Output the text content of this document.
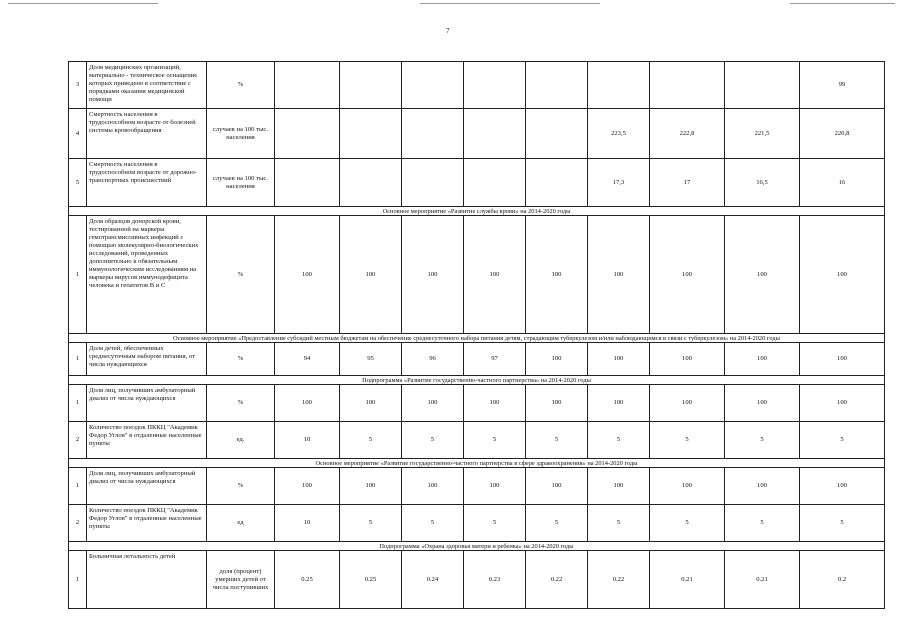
7
3	Доля медицинских организаций, материально - техническое оснащение которых приведено в соответствие с порядками оказания медицинской помощи	%									99
4	Смертность населения в трудоспособном возрасте от болезней системы кровообращения	случаев на 100 тыс. населения						223,5	222,8	221,5	220,8
5	Смертность населения в трудоспособном возрасте от дорожно-транспортных происшествий	случаев на 100 тыс. населения						17,3	17	16,5	16
Основное мероприятие «Развитие службы крови» на 2014-2020 годы											
1	Доля образцов донорской крови, тестированной на маркеры гемотрансмиссивных инфекций с помощью молекулярно-биологических исследований, проведенных дополнительно к обязательным иммунологическим исследованиям на маркеры вирусов иммунодефицита человека и гепатитов В и С	%	100	100	100	100	100	100	100	100	100
Основное мероприятие «Предоставление субсидий местным бюджетам на обеспечение среднесуточного набора питания детям, страдающим туберкулезом и/или наблюдающимся в связи с туберкулезом» на 2014-2020 годы											
1	Доля детей, обеспеченных среднесуточным набором питания, от числа нуждающихся	%	94	95	96	97	100	100	100	100	100
Подпрограмма «Развитие государственно-частного партнерства» на 2014-2020 годы											
1	Доля лиц, получивших амбулаторный диализ от числа нуждающихся	%	100	100	100	100	100	100	100	100	100
2	Количество поездок ПККЦ "Академик Федор Углов" в отдаленные населенные пункты	ед.	10	5	5	5	5	5	5	5	5
Основное мероприятие «Развитие государственно-частного партнерства в сфере здравоохранения» на 2014-2020 годы											
1	Доля лиц, получивших амбулаторный диализ от числа нуждающихся	%	100	100	100	100	100	100	100	100	100
2	Количество поездок ПККЦ "Академик Федор Углов" в отдаленные населенные пункты	ед	10	5	5	5	5	5	5	5	5
Подпрограмма «Охрана здоровья матери и ребенка» на 2014-2020 годы											
1	Больничная летальность детей	доля (процент) умерших детей от числа поступивших	0.25	0.25	0.24	0.23	0.22	0.22	0.21	0.21	0.2
